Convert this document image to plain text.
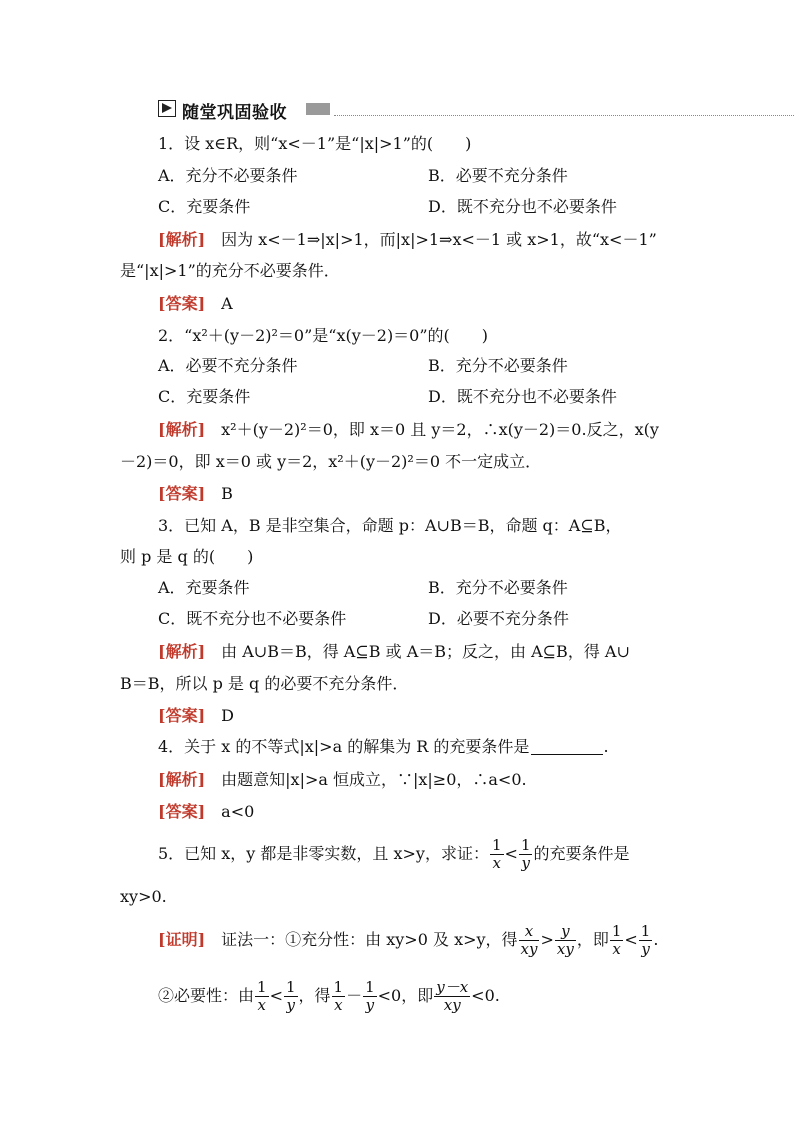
随堂巩固验收
1．设 x∈R，则“x<－1”是“|x|>1”的(　　)
A．充分不必要条件	B．必要不充分条件
C．充要条件	D．既不充分也不必要条件
[解析]　因为 x<－1⇒|x|>1，而|x|>1⇒x<－1 或 x>1，故“x<－1”
是“|x|>1”的充分不必要条件．
[答案]　A
2．“x²＋(y－2)²＝0”是“x(y－2)＝0”的(　　)
A．必要不充分条件	B．充分不必要条件
C．充要条件	D．既不充分也不必要条件
[解析]　x²＋(y－2)²＝0，即 x＝0 且 y＝2，∴x(y－2)＝0.反之，x(y
－2)＝0，即 x＝0 或 y＝2，x²＋(y－2)²＝0 不一定成立．
[答案]　B
3．已知 A，B 是非空集合，命题 p：A∪B＝B，命题 q：A⊆B，
则 p 是 q 的(　　)
A．充要条件	B．充分不必要条件
C．既不充分也不必要条件	D．必要不充分条件
[解析]　由 A∪B＝B，得 A⊆B 或 A＝B；反之，由 A⊆B，得 A∪
B＝B，所以 p 是 q 的必要不充分条件．
[答案]　D
4．关于 x 的不等式|x|>a 的解集为 R 的充要条件是	.
[解析]　由题意知|x|>a 恒成立，∵|x|≥0，∴a<0.
[答案]　a<0
5．已知 x，y 都是非零实数，且 x>y，求证： $\frac{1}{x} < \frac{1}{y}$ 的充要条件是
xy>0.
[证明]　证法一：①充分性：由 xy>0 及 x>y，得 $\frac{x}{xy} > \frac{y}{xy}$ ，即 $\frac{1}{x} < \frac{1}{y}$ .
②必要性：由 $\frac{1}{x} < \frac{1}{y}$ ，得 $\frac{1}{x} - \frac{1}{y} <0$，即 $\frac{y-x}{xy} <0$.
